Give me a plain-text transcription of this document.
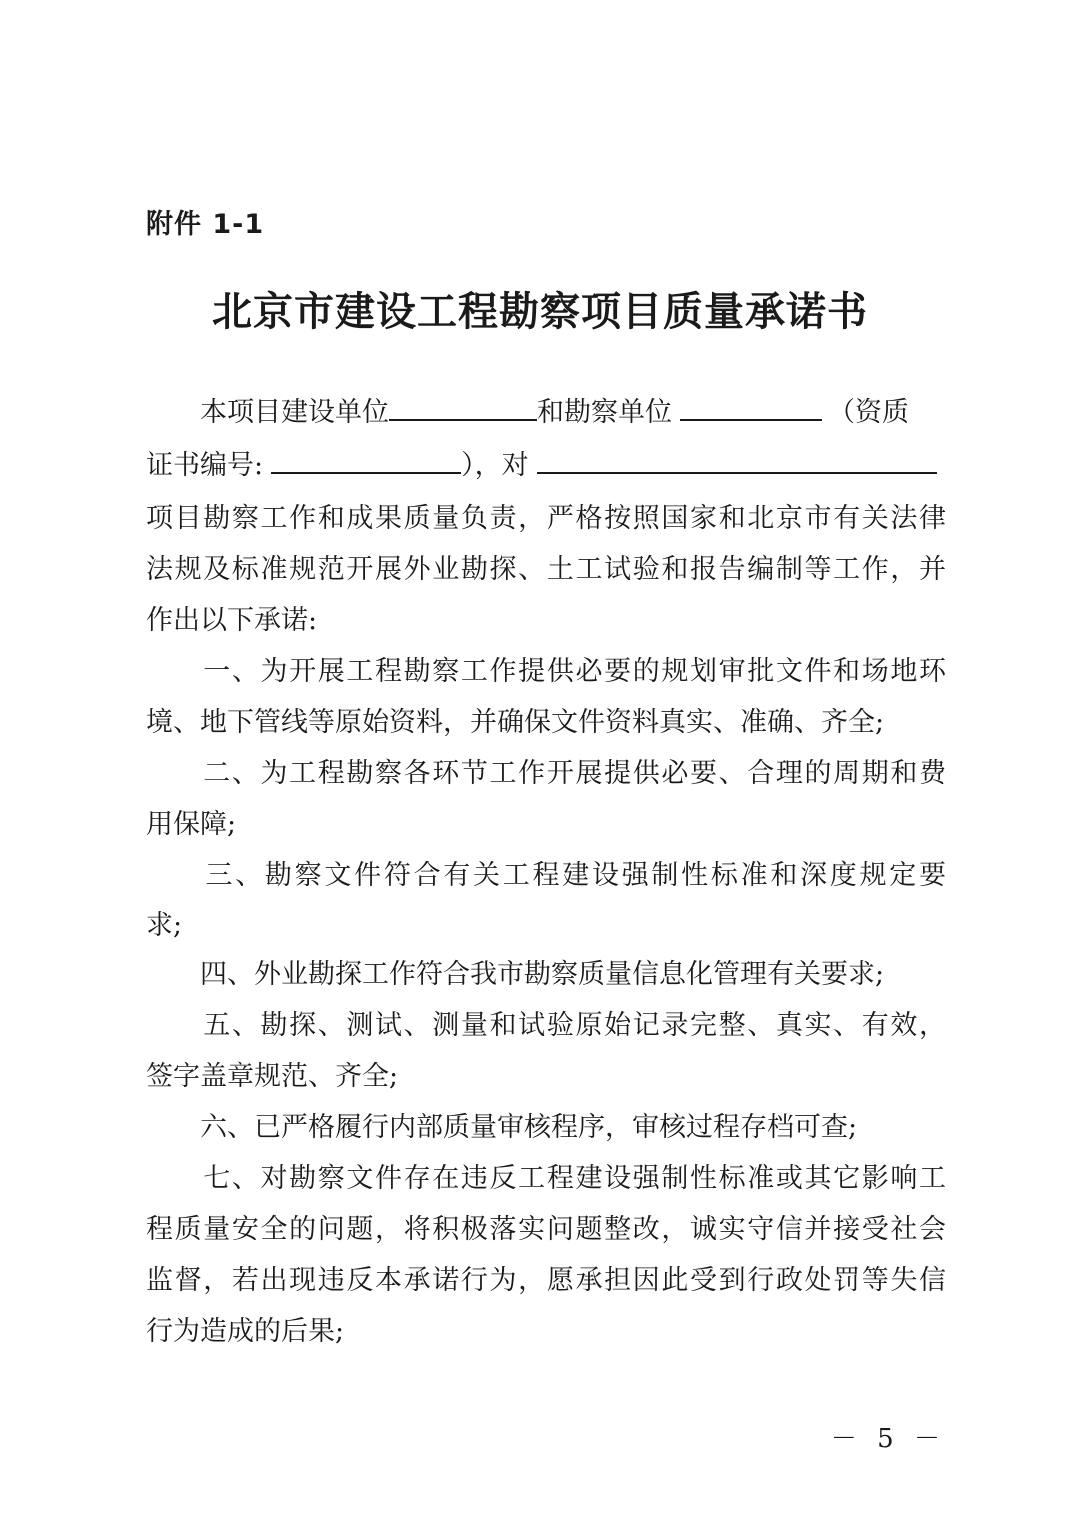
附件 1-1
北京市建设工程勘察项目质量承诺书
　　本项目建设单位	和勘察单位	（资质
证书编号:	），对
项目勘察工作和成果质量负责，严格按照国家和北京市有关法律
法规及标准规范开展外业勘探、土工试验和报告编制等工作，并
作出以下承诺:
　　一、为开展工程勘察工作提供必要的规划审批文件和场地环
境、地下管线等原始资料，并确保文件资料真实、准确、齐全;
　　二、为工程勘察各环节工作开展提供必要、合理的周期和费
用保障;
　　三、勘察文件符合有关工程建设强制性标准和深度规定要
求;
　　四、外业勘探工作符合我市勘察质量信息化管理有关要求;
　　五、勘探、测试、测量和试验原始记录完整、真实、有效，
签字盖章规范、齐全;
　　六、已严格履行内部质量审核程序，审核过程存档可查;
　　七、对勘察文件存在违反工程建设强制性标准或其它影响工
程质量安全的问题，将积极落实问题整改，诚实守信并接受社会
监督，若出现违反本承诺行为，愿承担因此受到行政处罚等失信
行为造成的后果;
－ 5 －
